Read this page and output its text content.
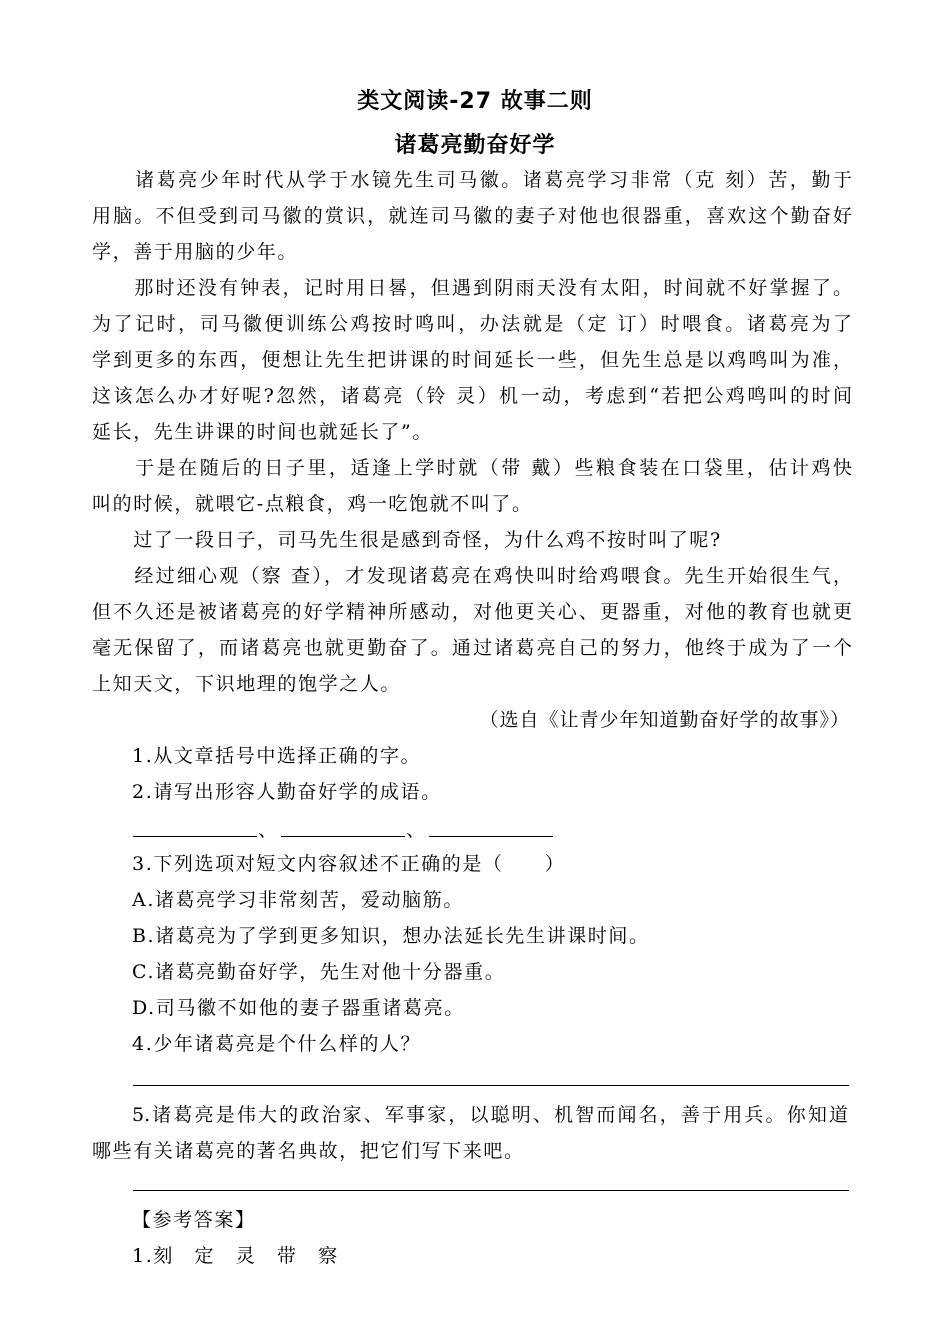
类文阅读-27 故事二则
诸葛亮勤奋好学
　　诸葛亮少年时代从学于水镜先生司马徽。诸葛亮学习非常（克 刻）苦，勤于
用脑。不但受到司马徽的赏识，就连司马徽的妻子对他也很器重，喜欢这个勤奋好
学，善于用脑的少年。
　　那时还没有钟表，记时用日晷，但遇到阴雨天没有太阳，时间就不好掌握了。
为了记时，司马徽便训练公鸡按时鸣叫，办法就是（定 订）时喂食。诸葛亮为了
学到更多的东西，便想让先生把讲课的时间延长一些，但先生总是以鸡鸣叫为准，
这该怎么办才好呢?忽然，诸葛亮（铃 灵）机一动，考虑到“若把公鸡鸣叫的时间
延长，先生讲课的时间也就延长了”。
　　于是在随后的日子里，适逢上学时就（带 戴）些粮食装在口袋里，估计鸡快
叫的时候，就喂它-点粮食，鸡一吃饱就不叫了。
　　过了一段日子，司马先生很是感到奇怪，为什么鸡不按时叫了呢?
　　经过细心观（察 查），才发现诸葛亮在鸡快叫时给鸡喂食。先生开始很生气，
但不久还是被诸葛亮的好学精神所感动，对他更关心、更器重，对他的教育也就更
毫无保留了，而诸葛亮也就更勤奋了。通过诸葛亮自己的努力，他终于成为了一个
上知天文，下识地理的饱学之人。
（选自《让青少年知道勤奋好学的故事》）
1.从文章括号中选择正确的字。
2.请写出形容人勤奋好学的成语。
、	、
3.下列选项对短文内容叙述不正确的是（　　）
A.诸葛亮学习非常刻苦，爱动脑筋。
B.诸葛亮为了学到更多知识，想办法延长先生讲课时间。
C.诸葛亮勤奋好学，先生对他十分器重。
D.司马徽不如他的妻子器重诸葛亮。
4.少年诸葛亮是个什么样的人？
5.诸葛亮是伟大的政治家、军事家，以聪明、机智而闻名，善于用兵。你知道
哪些有关诸葛亮的著名典故，把它们写下来吧。
【参考答案】
1.刻　定　灵　带　察
